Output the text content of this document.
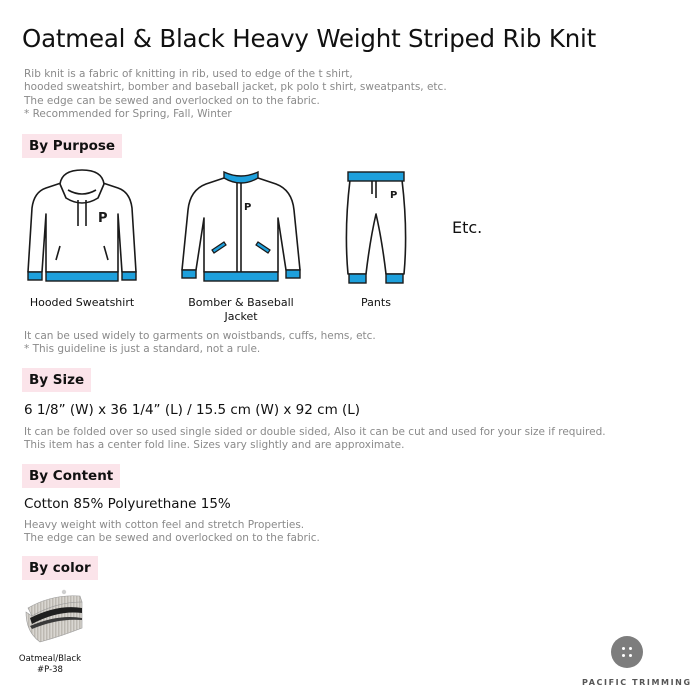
Oatmeal & Black Heavy Weight Striped Rib Knit
Rib knit is a fabric of knitting in rib, used to edge of the t shirt,
hooded sweatshirt, bomber and baseball jacket, pk polo t shirt, sweatpants, etc.
The edge can be sewed and overlocked on to the fabric.
* Recommended for Spring, Fall, Winter
By Purpose
P
Hooded Sweatshirt
P
Bomber & Baseball
Jacket
P
Pants
Etc.
It can be used widely to garments on woistbands, cuffs, hems, etc.
* This guideline is just a standard, not a rule.
By Size
6 1/8” (W) x 36 1/4” (L) / 15.5 cm (W) x 92 cm (L)
It can be folded over so used single sided or double sided, Also it can be cut and used for your size if required.
This item has a center fold line. Sizes vary slightly and are approximate.
By Content
Cotton 85% Polyurethane 15%
Heavy weight with cotton feel and stretch Properties.
The edge can be sewed and overlocked on to the fabric.
By color
Oatmeal/Black
#P-38
PACIFIC TRIMMING
